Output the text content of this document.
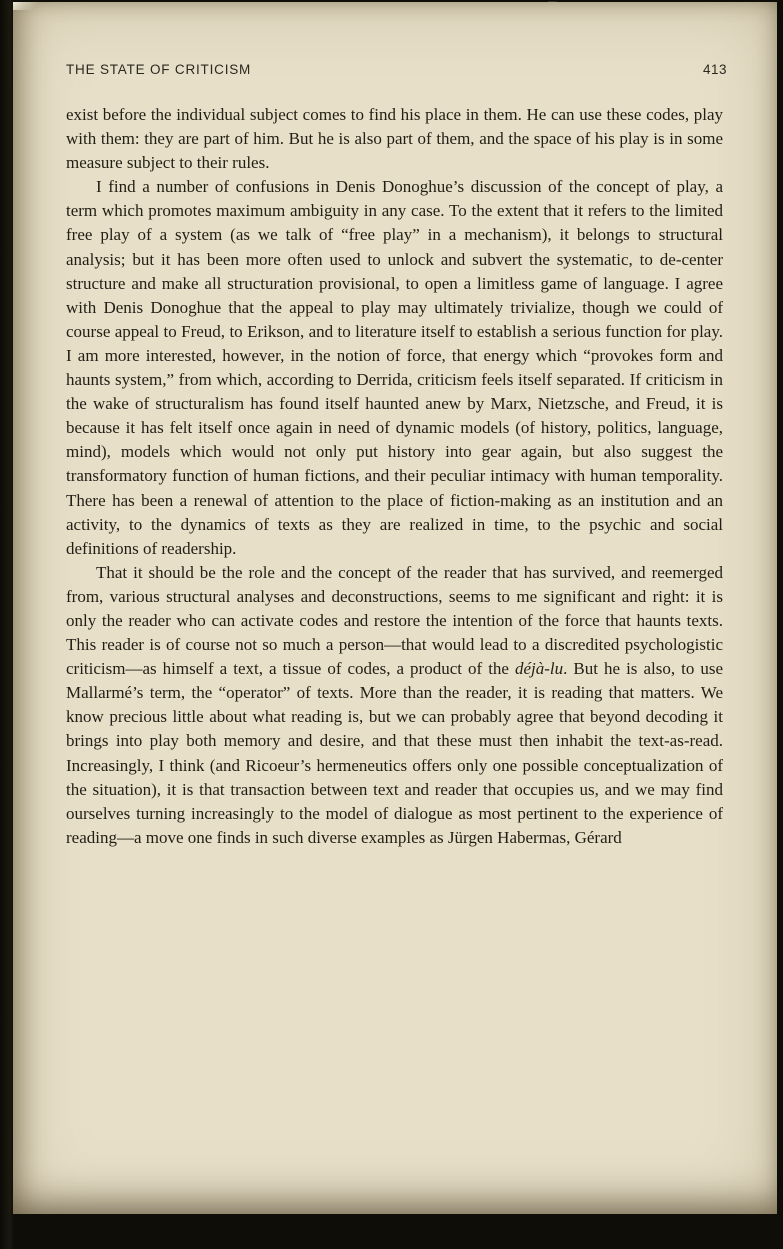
THE STATE OF CRITICISM	413

exist before the individual subject comes to find his place in them. He can use these codes, play with them: they are part of him. But he is also part of them, and the space of his play is in some measure subject to their rules.

I find a number of confusions in Denis Donoghue’s discussion of the concept of play, a term which promotes maximum ambiguity in any case. To the extent that it refers to the limited free play of a system (as we talk of “free play” in a mechanism), it belongs to structural analysis; but it has been more often used to unlock and subvert the systematic, to de-center structure and make all structuration provisional, to open a limitless game of language. I agree with Denis Donoghue that the appeal to play may ultimately trivialize, though we could of course appeal to Freud, to Erikson, and to literature itself to establish a serious function for play. I am more interested, however, in the notion of force, that energy which “provokes form and haunts system,” from which, according to Derrida, criticism feels itself separated. If criticism in the wake of structuralism has found itself haunted anew by Marx, Nietzsche, and Freud, it is because it has felt itself once again in need of dynamic models (of history, politics, language, mind), models which would not only put history into gear again, but also suggest the transformatory function of human fictions, and their peculiar intimacy with human temporality. There has been a renewal of attention to the place of fiction-making as an institution and an activity, to the dynamics of texts as they are realized in time, to the psychic and social definitions of readership.

That it should be the role and the concept of the reader that has survived, and reemerged from, various structural analyses and deconstructions, seems to me significant and right: it is only the reader who can activate codes and restore the intention of the force that haunts texts. This reader is of course not so much a person—that would lead to a discredited psychologistic criticism—as himself a text, a tissue of codes, a product of the déjà-lu. But he is also, to use Mallarmé’s term, the “operator” of texts. More than the reader, it is reading that matters. We know precious little about what reading is, but we can probably agree that beyond decoding it brings into play both memory and desire, and that these must then inhabit the text-as-read. Increasingly, I think (and Ricoeur’s hermeneutics offers only one possible conceptualization of the situation), it is that transaction between text and reader that occupies us, and we may find ourselves turning increasingly to the model of dialogue as most pertinent to the experience of reading—a move one finds in such diverse examples as Jürgen Habermas, Gérard
